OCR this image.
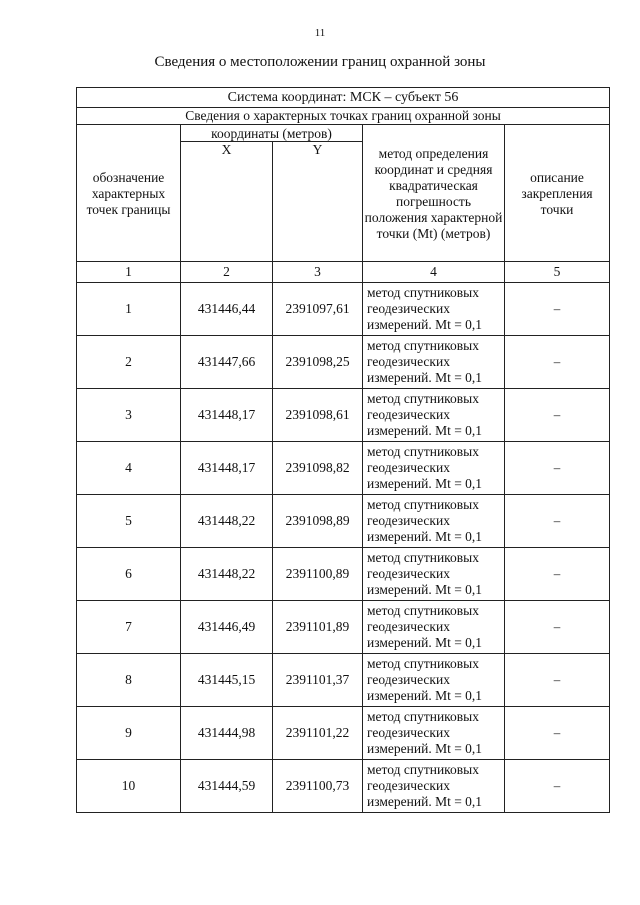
11
Сведения о местоположении границ охранной зоны
Система координат: МСК – субъект 56				
Сведения о характерных точках границ охранной зоны				
обозначение характерных точек границы	координаты (метров)		метод определения координат и средняя квадратическая погрешность положения характерной точки (Mt) (метров)	описание закрепления точки
	X	Y		
1	2	3	4	5
1	431446,44	2391097,61	метод спутниковых геодезических измерений. Mt = 0,1	–
2	431447,66	2391098,25	метод спутниковых геодезических измерений. Mt = 0,1	–
3	431448,17	2391098,61	метод спутниковых геодезических измерений. Mt = 0,1	–
4	431448,17	2391098,82	метод спутниковых геодезических измерений. Mt = 0,1	–
5	431448,22	2391098,89	метод спутниковых геодезических измерений. Mt = 0,1	–
6	431448,22	2391100,89	метод спутниковых геодезических измерений. Mt = 0,1	–
7	431446,49	2391101,89	метод спутниковых геодезических измерений. Mt = 0,1	–
8	431445,15	2391101,37	метод спутниковых геодезических измерений. Mt = 0,1	–
9	431444,98	2391101,22	метод спутниковых геодезических измерений. Mt = 0,1	–
10	431444,59	2391100,73	метод спутниковых геодезических измерений. Mt = 0,1	–
